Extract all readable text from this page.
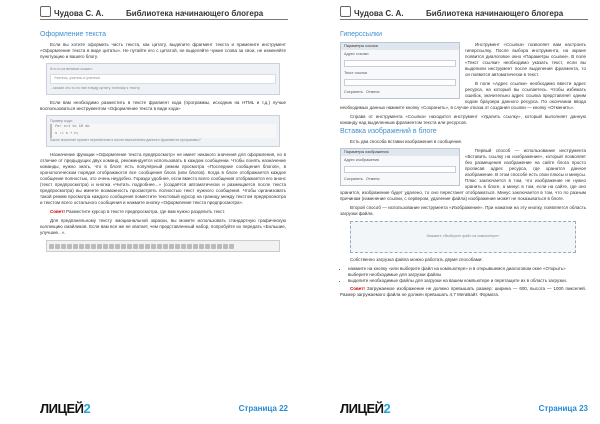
Чудова С. А.	Библиотека начинающего блогера
Оформление текста

Если вы хотите оформить часть текста, как цитату, выделите фрагмент текста и примените инструмент «Оформление текста в виде цитаты». Не путайте его с цитатой, не выделяйте чужие слова за свои, не изменяйте пунктуацию и вашего блогу.

Кто-то из великих сказал:
Учитесь, учитесь и учитесь!
...сказал кто-то из них в виду цитату, поэтому к тексту.

Если вам необходимо разместить в тексте фрагмент кода (программы, исходник на HTML и т.д.) лучше воспользоваться инструментом «Оформление текста в виде кода»

Пример кода:
for n=1 to 10 do
s := s + n;
Какое значение примет переменная s после выполнения данного фрагмента программы?

Назначение функции «Оформление текста предпросмотр» не имеет никакого значения для оформления, но в отличие от предыдущих двух команд, рекомендуется использовать в каждом сообщении. Чтобы понять назначение команды, нужно знать, что в блоге есть популярный режим просмотра «Последние сообщения блогов», в хронологическом порядке отображаются все сообщения блога (или блогов). Когда в блоге отображается каждое сообщение полностью, это очень неудобно. Гораздо удобнее, если вместо всего сообщения отображается его анонс (текст предпросмотра) и кнопка «Читать подробнее...» (создаётся автоматически и размещается после текста предпросмотра) вы имеете возможность просмотреть полностью текст нужного сообщения. Чтобы организовать такой режим просмотра каждого сообщения поместите текстовый курсор на границу между текстом предпросмотра и текстом всего остального сообщения и нажмите кнопку «Оформление текста предпросмотра».

Совет! Разместите курсор в тексте предпросмотра, где вам нужно разделить текст.

Для предпанельному тексту эмоциональной окраски, вы можете использовать стандартную графическую коллекцию смайликов. Если вам все же не хватает, чем представленный набор, попробуйте их передать «Большие, улучшие...».

ЛИЦЕЙ2	Страница 22
Чудова С. А.	Библиотека начинающего блогера
Гиперссылки
Параметры ссылки
Адрес ссылки
Текст ссылки
Сохранить Отмена

Инструмент «Ссылка» позволяет вам настроить гиперссылку. После выбора инструмента, на экране появится диалоговое окно «Параметры ссылки». В поле «Текст ссылки» необходимо указать текст, если вы выделили инструмент после выделения фрагмента, то он появится автоматически в текст.

В поле «Адрес ссылки» необходимо ввести адрес ресурса, на который вы ссылаетесь. Чтобы избежать ошибок, значительно адрес ссылка представляет одним кодом браузера данного ресурса. По окончании ввода необходимых данных нажмите кнопку «Сохранить», в случае отказа от создания ссылки — кнопку «Отменить».

Справа от инструмента «Ссылка» находится инструмент «Удалить ссылку», который выполняет данную команду над выделенным фрагментом текста или ресурсов.

Вставка изображений в блоге

Есть два способа вставки изображения в сообщение.

Параметры изображения
Адрес изображения
Сохранить Отмена

Первый способ — использование инструмента «Вставить ссылку на изображение», который позволяет без размещения изображение на сайте блога просто прописав адрес ресурса, где хранится данное изображение. В этом способе есть свои плюсы и минусы. Плюс заключается в том, что изображение не нужно хранить в блоге, а минус в том, если на сайте, где оно хранится, изображение будет удалено, то оно перестанет отображаться. Минус заключается в том, что по разным причинам (изменение ссылки, с сервером, удаление файла) изображение может не показываться в блоге.

Второй способ — использование инструмента «Изображение». При нажатии на эту кнопку, появляется область загрузки файла.

Нажмите «Выберите файл на компьютере»

Собственно загрузка файла можно работать двумя способами:

• нажмите на кнопку «или выберите файл на компьютере» и в открывшемся диалоговом окне «Открыть» выберите необходимые для загрузки файлы
• выделите необходимые файлы для загрузки на вашем компьютере и перетащите их в область загрузки.

Совет! Загружаемое изображение не должно превышать размер: ширина — 600, высота — 1000 пикселей. Размер загружаемого файла не должен превышать 4,7 МегаБайт. Формата.

ЛИЦЕЙ2	Страница 23
